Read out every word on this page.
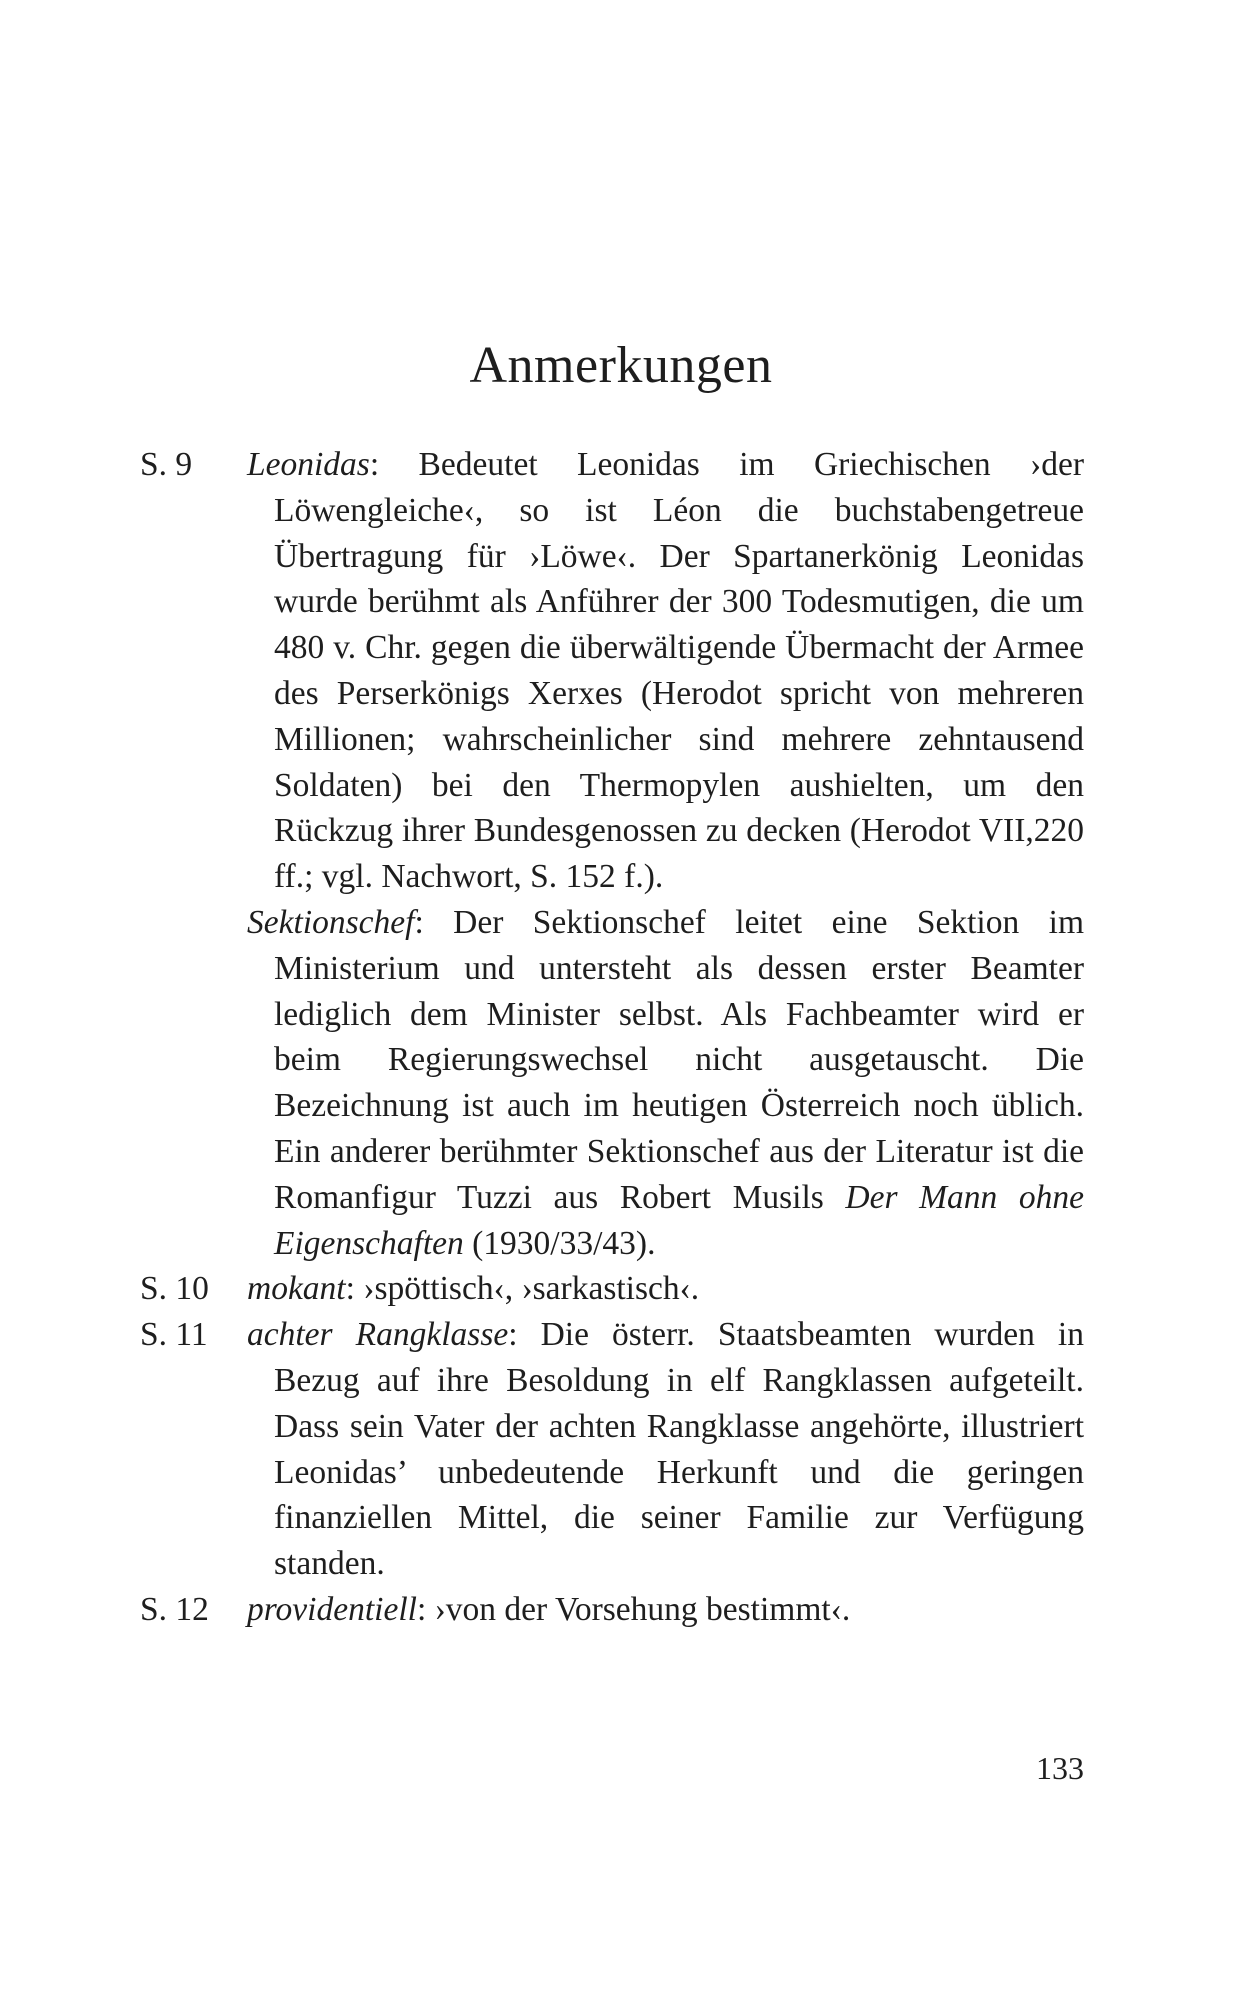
Anmerkungen
S. 9 Leonidas: Bedeutet Leonidas im Griechischen ›der Löwengleiche‹, so ist Léon die buchstabengetreue Übertragung für ›Löwe‹. Der Spartanerkönig Leonidas wurde berühmt als Anführer der 300 Todesmutigen, die um 480 v. Chr. gegen die überwältigende Übermacht der Armee des Perserkönigs Xerxes (Herodot spricht von mehreren Millionen; wahrscheinlicher sind mehrere zehntausend Soldaten) bei den Thermopylen aushielten, um den Rückzug ihrer Bundesgenossen zu decken (Herodot VII,220 ff.; vgl. Nachwort, S. 152 f.).
Sektionschef: Der Sektionschef leitet eine Sektion im Ministerium und untersteht als dessen erster Beamter lediglich dem Minister selbst. Als Fachbeamter wird er beim Regierungswechsel nicht ausgetauscht. Die Bezeichnung ist auch im heutigen Österreich noch üblich. Ein anderer berühmter Sektionschef aus der Literatur ist die Romanfigur Tuzzi aus Robert Musils Der Mann ohne Eigenschaften (1930/33/43).
S. 10 mokant: ›spöttisch‹, ›sarkastisch‹.
S. 11 achter Rangklasse: Die österr. Staatsbeamten wurden in Bezug auf ihre Besoldung in elf Rangklassen aufgeteilt. Dass sein Vater der achten Rangklasse angehörte, illustriert Leonidas’ unbedeutende Herkunft und die geringen finanziellen Mittel, die seiner Familie zur Verfügung standen.
S. 12 providentiell: ›von der Vorsehung bestimmt‹.
133
